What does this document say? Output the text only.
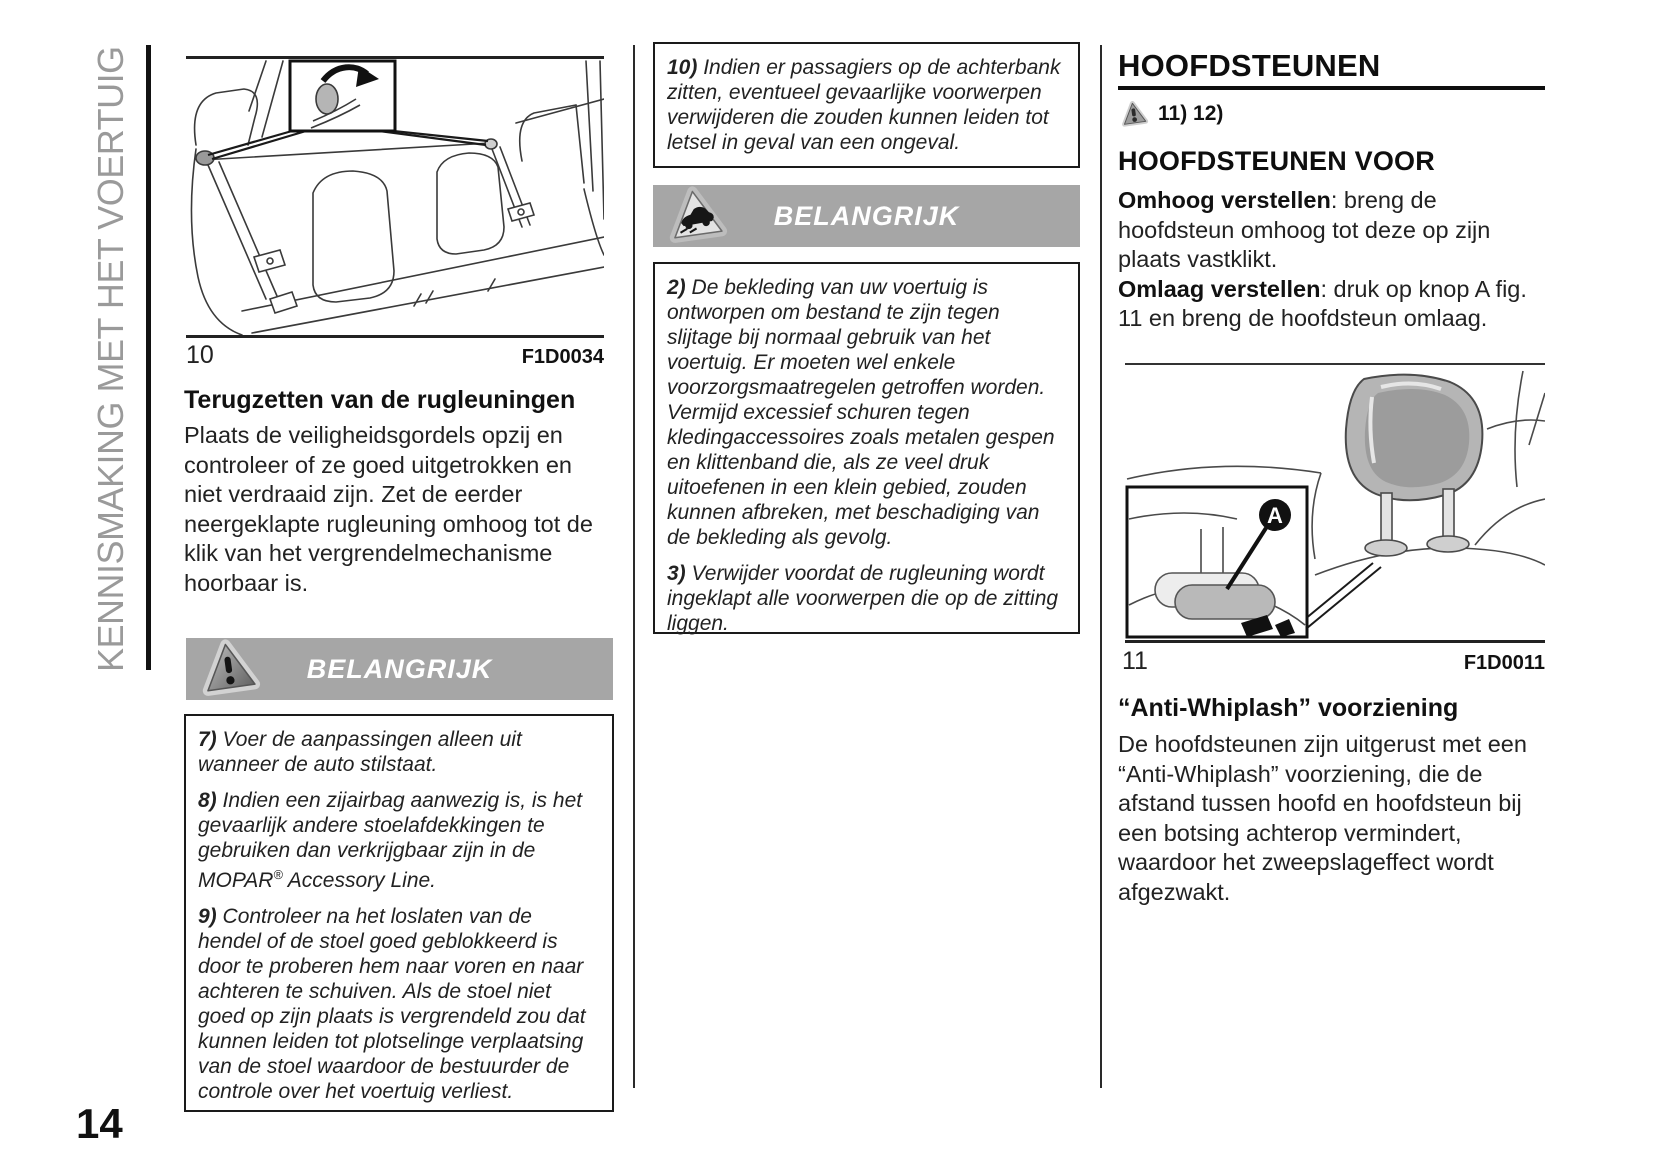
KENNISMAKING MET HET VOERTUIG
14
10	F1D0034
Terugzetten van de rugleuningen
Plaats de veiligheidsgordels opzij en controleer of ze goed uitgetrokken en niet verdraaid zijn. Zet de eerder neergeklapte rugleuning omhoog tot de klik van het vergrendelmechanisme hoorbaar is.
BELANGRIJK

7) Voer de aanpassingen alleen uit wanneer de auto stilstaat.

8) Indien een zijairbag aanwezig is, is het gevaarlijk andere stoelafdekkingen te gebruiken dan verkrijgbaar zijn in de MOPAR® Accessory Line.

9) Controleer na het loslaten van de hendel of de stoel goed geblokkeerd is door te proberen hem naar voren en naar achteren te schuiven. Als de stoel niet goed op zijn plaats is vergrendeld zou dat kunnen leiden tot plotselinge verplaatsing van de stoel waardoor de bestuurder de controle over het voertuig verliest.

10) Indien er passagiers op de achterbank zitten, eventueel gevaarlijke voorwerpen verwijderen die zouden kunnen leiden tot letsel in geval van een ongeval.

BELANGRIJK

2) De bekleding van uw voertuig is ontworpen om bestand te zijn tegen slijtage bij normaal gebruik van het voertuig. Er moeten wel enkele voorzorgsmaatregelen getroffen worden. Vermijd excessief schuren tegen kledingaccessoires zoals metalen gespen en klittenband die, als ze veel druk uitoefenen in een klein gebied, zouden kunnen afbreken, met beschadiging van de bekleding als gevolg.

3) Verwijder voordat de rugleuning wordt ingeklapt alle voorwerpen die op de zitting liggen.

HOOFDSTEUNEN
11) 12)
HOOFDSTEUNEN VOOR
Omhoog verstellen: breng de hoofdsteun omhoog tot deze op zijn plaats vastklikt.
Omlaag verstellen: druk op knop A fig. 11 en breng de hoofdsteun omlaag.
A
11	F1D0011
“Anti-Whiplash” voorziening
De hoofdsteunen zijn uitgerust met een “Anti-Whiplash” voorziening, die de afstand tussen hoofd en hoofdsteun bij een botsing achterop vermindert, waardoor het zweepslageffect wordt afgezwakt.
